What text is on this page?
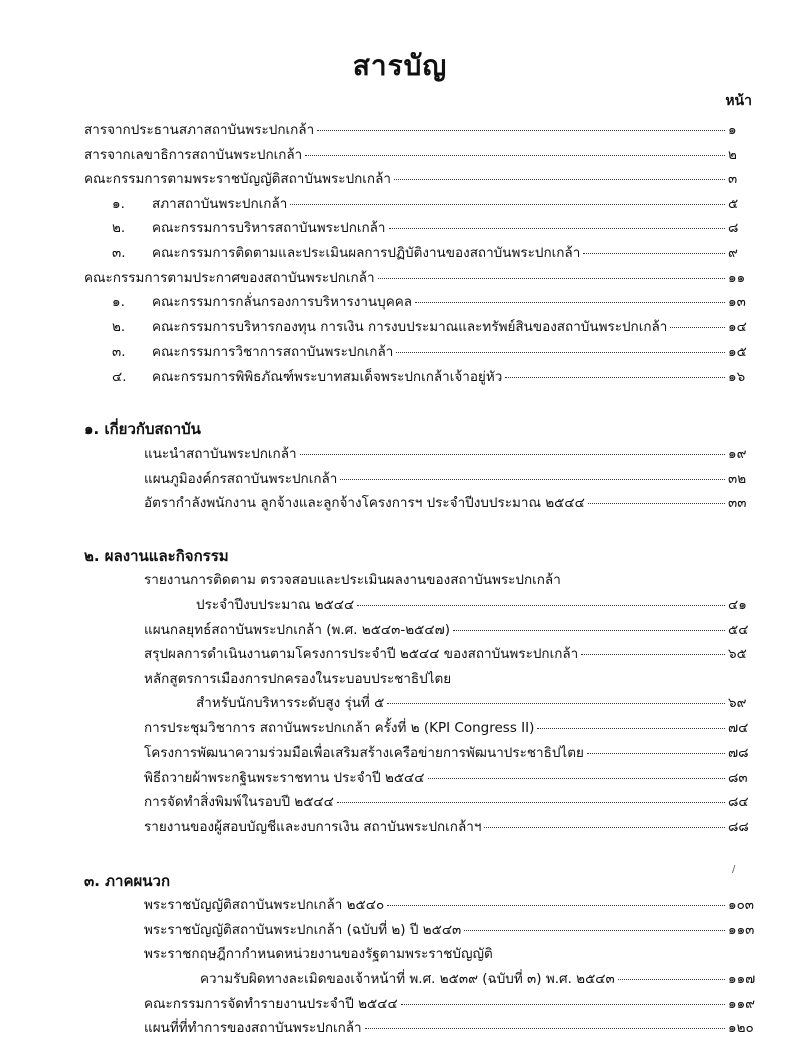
สารบัญ
หน้า
สารจากประธานสภาสถาบันพระปกเกล้า	๑
สารจากเลขาธิการสถาบันพระปกเกล้า	๒
คณะกรรมการตามพระราชบัญญัติสถาบันพระปกเกล้า	๓
๑.	สภาสถาบันพระปกเกล้า	๕
๒.	คณะกรรมการบริหารสถาบันพระปกเกล้า	๘
๓.	คณะกรรมการติดตามและประเมินผลการปฏิบัติงานของสถาบันพระปกเกล้า	๙
คณะกรรมการตามประกาศของสถาบันพระปกเกล้า	๑๑
๑.	คณะกรรมการกลั่นกรองการบริหารงานบุคคล	๑๓
๒.	คณะกรรมการบริหารกองทุน การเงิน การงบประมาณและทรัพย์สินของสถาบันพระปกเกล้า	๑๔
๓.	คณะกรรมการวิชาการสถาบันพระปกเกล้า	๑๕
๔.	คณะกรรมการพิพิธภัณฑ์พระบาทสมเด็จพระปกเกล้าเจ้าอยู่หัว	๑๖
๑. เกี่ยวกับสถาบัน
แนะนำสถาบันพระปกเกล้า	๑๙
แผนภูมิองค์กรสถาบันพระปกเกล้า	๓๒
อัตรากำลังพนักงาน ลูกจ้างและลูกจ้างโครงการฯ ประจำปีงบประมาณ ๒๕๔๔	๓๓
๒. ผลงานและกิจกรรม
รายงานการติดตาม ตรวจสอบและประเมินผลงานของสถาบันพระปกเกล้า
ประจำปีงบประมาณ ๒๕๔๔	๔๑
แผนกลยุทธ์สถาบันพระปกเกล้า (พ.ศ. ๒๕๔๓-๒๕๔๗)	๕๔
สรุปผลการดำเนินงานตามโครงการประจำปี ๒๕๔๔ ของสถาบันพระปกเกล้า	๖๕
หลักสูตรการเมืองการปกครองในระบอบประชาธิปไตย
สำหรับนักบริหารระดับสูง รุ่นที่ ๕	๖๙
การประชุมวิชาการ สถาบันพระปกเกล้า ครั้งที่ ๒ (KPI Congress II)	๗๔
โครงการพัฒนาความร่วมมือเพื่อเสริมสร้างเครือข่ายการพัฒนาประชาธิปไตย	๗๘
พิธีถวายผ้าพระกฐินพระราชทาน ประจำปี ๒๕๔๔	๘๓
การจัดทำสิ่งพิมพ์ในรอบปี ๒๕๔๔	๘๔
รายงานของผู้สอบบัญชีและงบการเงิน สถาบันพระปกเกล้าฯ	๘๘
/
๓. ภาคผนวก
พระราชบัญญัติสถาบันพระปกเกล้า ๒๕๔๐	๑๐๓
พระราชบัญญัติสถาบันพระปกเกล้า (ฉบับที่ ๒) ปี ๒๕๔๓	๑๑๓
พระราชกฤษฎีกากำหนดหน่วยงานของรัฐตามพระราชบัญญัติ
ความรับผิดทางละเมิดของเจ้าหน้าที่ พ.ศ. ๒๕๓๙ (ฉบับที่ ๓) พ.ศ. ๒๕๔๓	๑๑๗
คณะกรรมการจัดทำรายงานประจำปี ๒๕๔๔	๑๑๙
แผนที่ที่ทำการของสถาบันพระปกเกล้า	๑๒๐
